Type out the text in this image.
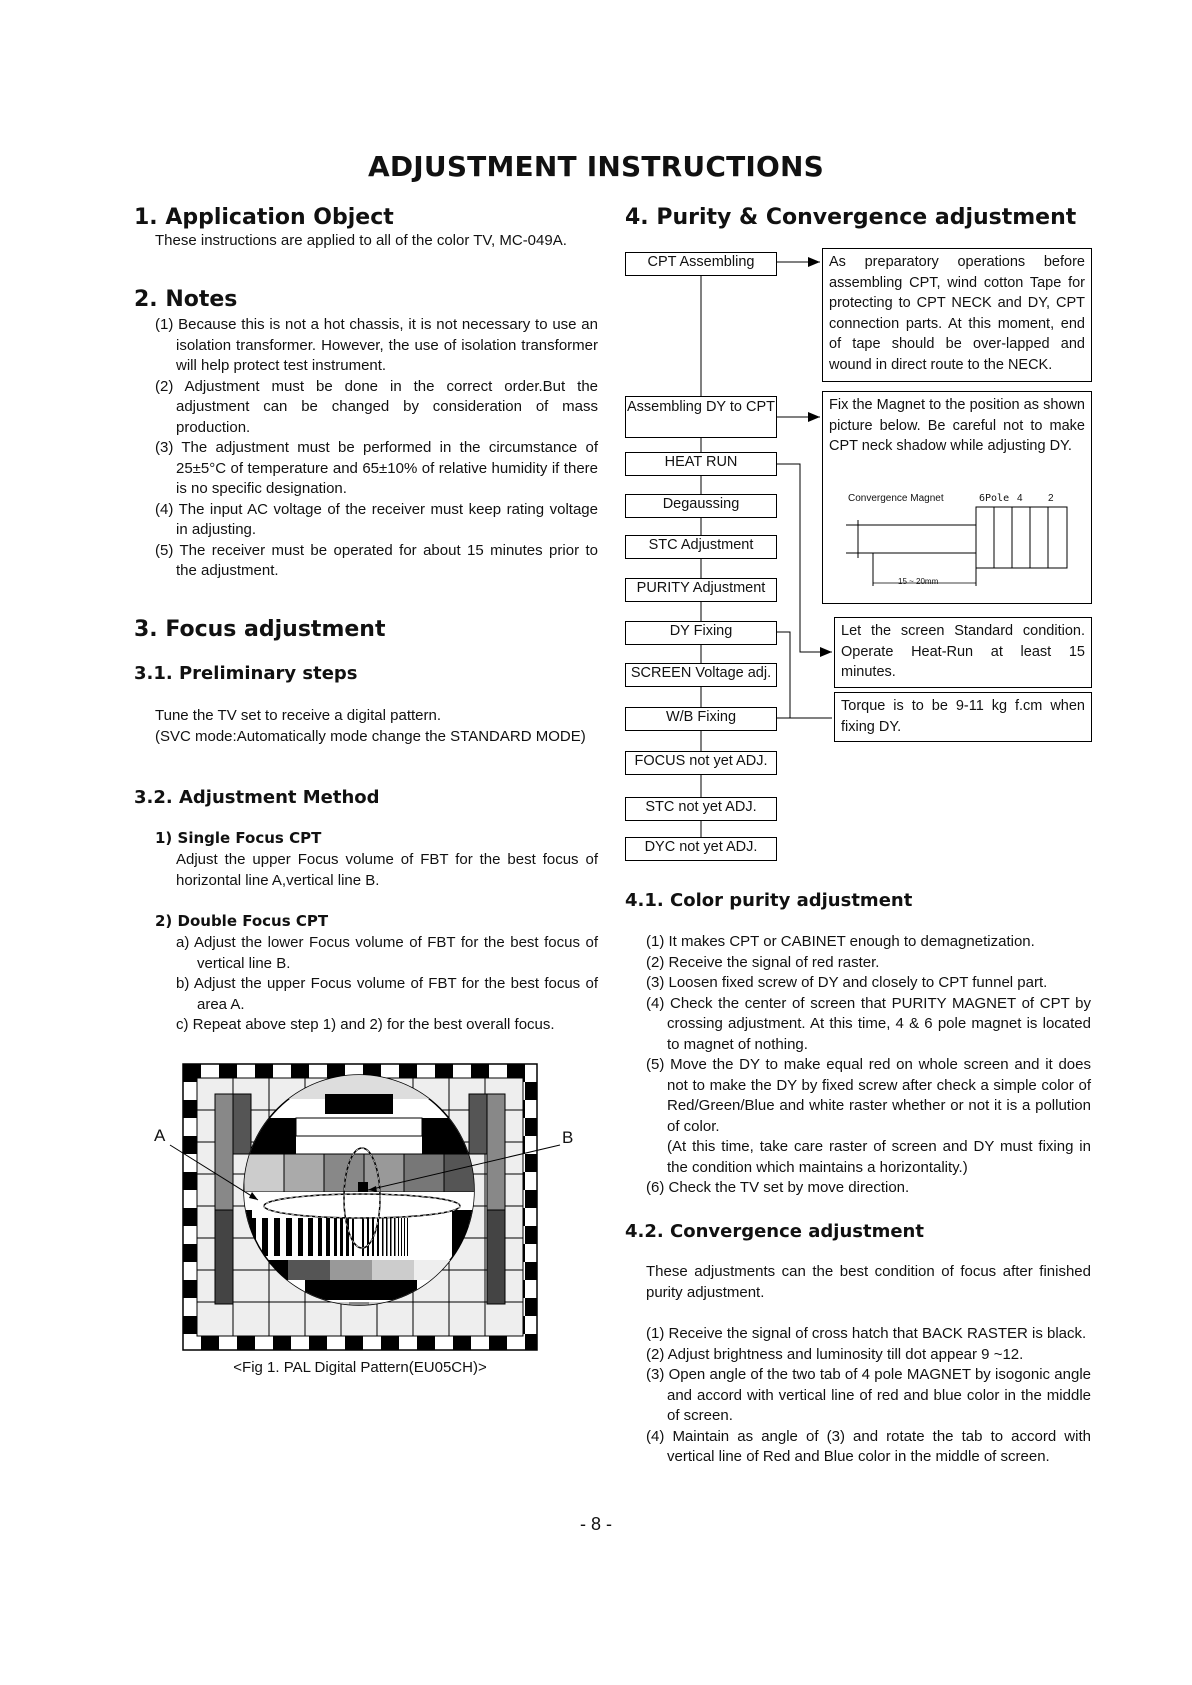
ADJUSTMENT INSTRUCTIONS
1. Application Object
These instructions are applied to all of the color TV, MC-049A.
2. Notes
(1) Because this is not a hot chassis, it is not necessary to use an isolation transformer. However, the use of isolation transformer will help protect test instrument.
(2) Adjustment must be done in the correct order.But the adjustment can be changed by consideration of mass production.
(3) The adjustment must be performed in the circumstance of 25±5°C of temperature and 65±10% of relative humidity if there is no specific designation.
(4) The input AC voltage of the receiver must keep rating voltage in adjusting.
(5) The receiver must be operated for about 15 minutes prior to the adjustment.
3. Focus adjustment
3.1. Preliminary steps
Tune the TV set to receive a digital pattern.
(SVC mode:Automatically mode change the STANDARD MODE)
3.2. Adjustment Method
1) Single Focus CPT
Adjust the upper Focus volume of FBT for the best focus of horizontal line A,vertical line B.
2) Double Focus CPT
a) Adjust the lower Focus volume of FBT for the best focus of vertical line B.
b) Adjust the upper Focus volume of FBT for the best focus of area A.
c) Repeat above step 1) and 2) for the best overall focus.
A	B
<Fig 1. PAL Digital Pattern(EU05CH)>
4. Purity & Convergence adjustment
CPT Assembling
Assembling DY to CPT
HEAT RUN
Degaussing
STC Adjustment
PURITY Adjustment
DY Fixing
SCREEN Voltage adj.
W/B Fixing
FOCUS not yet ADJ.
STC not yet ADJ.
DYC not yet ADJ.
As preparatory operations before assembling CPT, wind cotton Tape for protecting to CPT NECK and DY, CPT connection parts. At this moment, end of tape should be over-lapped and wound in direct route to the NECK.
Fix the Magnet to the position as shown picture below. Be careful not to make CPT neck shadow while adjusting DY.
Convergence Magnet	6Pole 4	2
15 ~ 20mm
Let the screen Standard condition. Operate Heat-Run at least 15 minutes.
Torque is to be 9-11 kg f.cm when fixing DY.
4.1. Color purity adjustment
(1) It makes CPT or CABINET enough to demagnetization.
(2) Receive the signal of red raster.
(3) Loosen fixed screw of DY and closely to CPT funnel part.
(4) Check the center of screen that PURITY MAGNET of CPT by crossing adjustment. At this time, 4 & 6 pole magnet is located to magnet of nothing.
(5) Move the DY to make equal red on whole screen and it does not to make the DY by fixed screw after check a simple color of Red/Green/Blue and white raster whether or not it is a pollution of color.
(At this time, take care raster of screen and DY must fixing in the condition which maintains a horizontality.)
(6) Check the TV set by move direction.
4.2. Convergence adjustment
These adjustments can the best condition of focus after finished purity adjustment.
(1) Receive the signal of cross hatch that BACK RASTER is black.
(2) Adjust brightness and luminosity till dot appear 9 ~12.
(3) Open angle of the two tab of 4 pole MAGNET by isogonic angle and accord with vertical line of red and blue color in the middle of screen.
(4) Maintain as angle of (3) and rotate the tab to accord with vertical line of Red and Blue color in the middle of screen.
- 8 -
